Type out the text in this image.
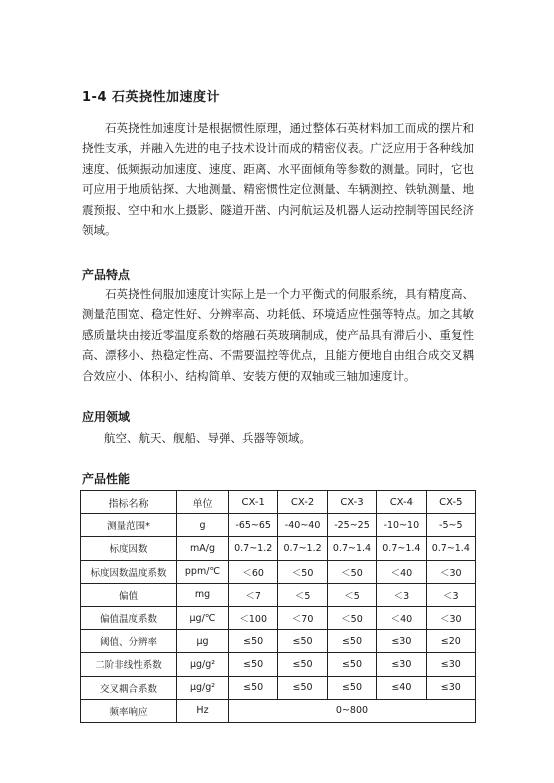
1-4 石英挠性加速度计

石英挠性加速度计是根据惯性原理，通过整体石英材料加工而成的摆片和挠性支承，并融入先进的电子技术设计而成的精密仪表。广泛应用于各种线加速度、低频振动加速度、速度、距离、水平面倾角等参数的测量。同时，它也可应用于地质钻探、大地测量、精密惯性定位测量、车辆测控、铁轨测量、地震预报、空中和水上摄影、隧道开凿、内河航运及机器人运动控制等国民经济领域。

产品特点

石英挠性伺服加速度计实际上是一个力平衡式的伺服系统，具有精度高、测量范围宽、稳定性好、分辨率高、功耗低、环境适应性强等特点。加之其敏感质量块由接近零温度系数的熔融石英玻璃制成，使产品具有滞后小、重复性高、漂移小、热稳定性高、不需要温控等优点，且能方便地自由组合成交叉耦合效应小、体积小、结构简单、安装方便的双轴或三轴加速度计。

应用领域
航空、航天、舰船、导弹、兵器等领域。
产品性能
指标名称	单位	CX-1	CX-2	CX-3	CX-4	CX-5
测量范围*	g	-65~65	-40~40	-25~25	-10~10	-5~5
标度因数	mA/g	0.7~1.2	0.7~1.2	0.7~1.4	0.7~1.4	0.7~1.4
标度因数温度系数	ppm/℃	＜60	＜50	＜50	＜40	＜30
偏值	mg	＜7	＜5	＜5	＜3	＜3
偏值温度系数	μg/℃	＜100	＜70	＜50	＜40	＜30
阈值、分辨率	μg	≤50	≤50	≤50	≤30	≤20
二阶非线性系数	μg/g²	≤50	≤50	≤50	≤30	≤30
交叉耦合系数	μg/g²	≤50	≤50	≤50	≤40	≤30
频率响应	Hz	0~800				
